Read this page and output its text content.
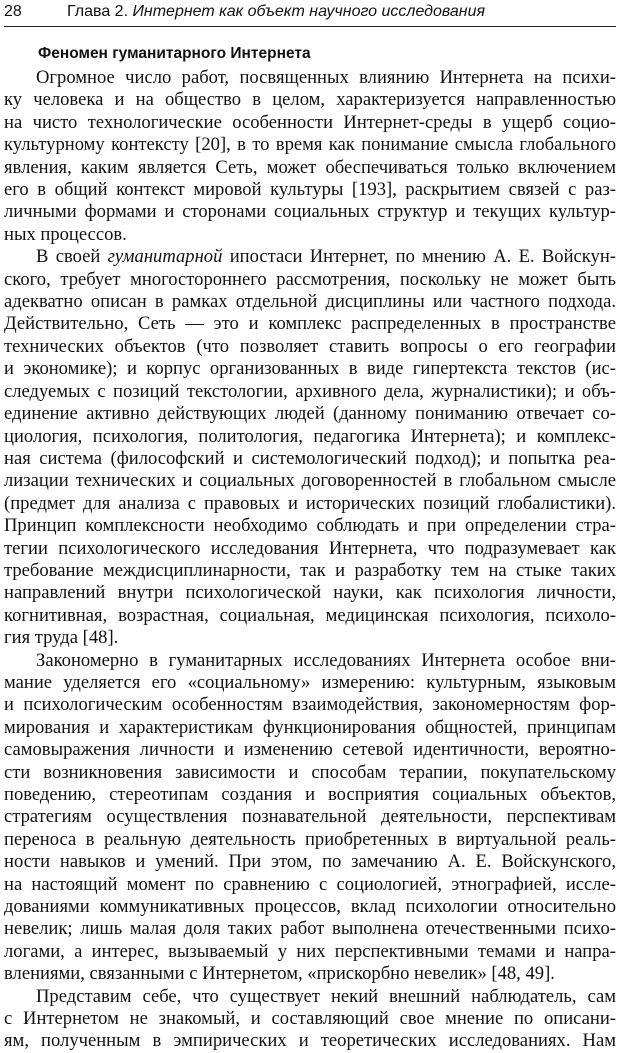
28	Глава 2. Интернет как объект научного исследования
Феномен гуманитарного Интернета
Огромное число работ, посвященных влиянию Интернета на психи-
ку человека и на общество в целом, характеризуется направленностью
на чисто технологические особенности Интернет-среды в ущерб социо-
культурному контексту [20], в то время как понимание смысла глобального
явления, каким является Сеть, может обеспечиваться только включением
его в общий контекст мировой культуры [193], раскрытием связей с раз-
личными формами и сторонами социальных структур и текущих культур-
ных процессов.
В своей гуманитарной ипостаси Интернет, по мнению А. Е. Войскун-
ского, требует многостороннего рассмотрения, поскольку не может быть
адекватно описан в рамках отдельной дисциплины или частного подхода.
Действительно, Сеть — это и комплекс распределенных в пространстве
технических объектов (что позволяет ставить вопросы о его географии
и экономике); и корпус организованных в виде гипертекста текстов (ис-
следуемых с позиций текстологии, архивного дела, журналистики); и объ-
единение активно действующих людей (данному пониманию отвечает со-
циология, психология, политология, педагогика Интернета); и комплекс-
ная система (философский и системологический подход); и попытка реа-
лизации технических и социальных договоренностей в глобальном смысле
(предмет для анализа с правовых и исторических позиций глобалистики).
Принцип комплексности необходимо соблюдать и при определении стра-
тегии психологического исследования Интернета, что подразумевает как
требование междисциплинарности, так и разработку тем на стыке таких
направлений внутри психологической науки, как психология личности,
когнитивная, возрастная, социальная, медицинская психология, психоло-
гия труда [48].
Закономерно в гуманитарных исследованиях Интернета особое вни-
мание уделяется его «социальному» измерению: культурным, языковым
и психологическим особенностям взаимодействия, закономерностям фор-
мирования и характеристикам функционирования общностей, принципам
самовыражения личности и изменению сетевой идентичности, вероятно-
сти возникновения зависимости и способам терапии, покупательскому
поведению, стереотипам создания и восприятия социальных объектов,
стратегиям осуществления познавательной деятельности, перспективам
переноса в реальную деятельность приобретенных в виртуальной реаль-
ности навыков и умений. При этом, по замечанию А. Е. Войскунского,
на настоящий момент по сравнению с социологией, этнографией, иссле-
дованиями коммуникативных процессов, вклад психологии относительно
невелик; лишь малая доля таких работ выполнена отечественными психо-
логами, а интерес, вызываемый у них перспективными темами и напра-
влениями, связанными с Интернетом, «прискорбно невелик» [48, 49].
Представим себе, что существует некий внешний наблюдатель, сам
с Интернетом не знакомый, и составляющий свое мнение по описани-
ям, полученным в эмпирических и теоретических исследованиях. Нам
